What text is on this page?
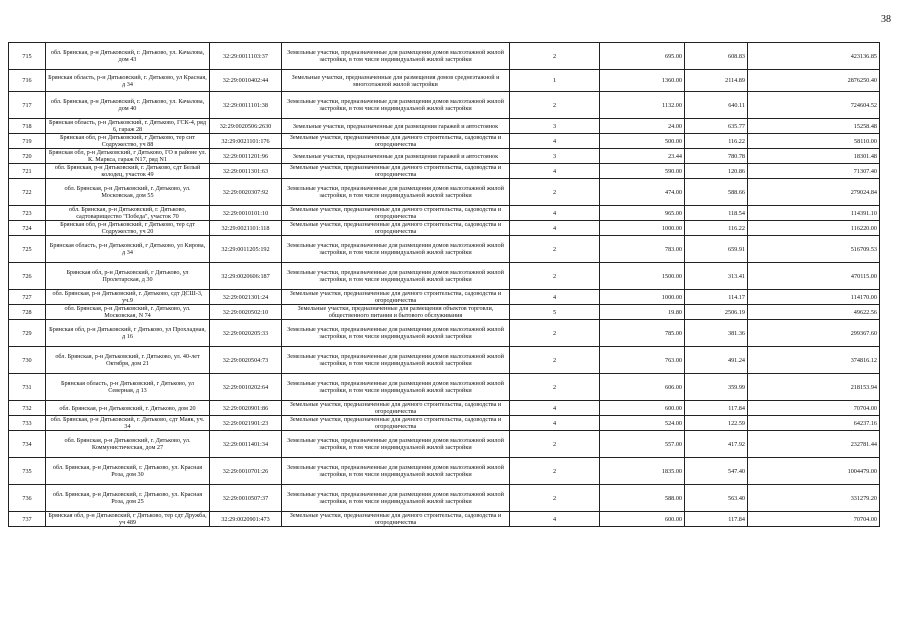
38
715	обл. Брянская, р-н Дятьковский, г. Дятьково, ул. Качалова, дом 43	32:29:0011103:37	Земельные участки, предназначенные для размещения домов малоэтажной жилой застройки, в том числе индивидуальной жилой застройки	2	695.00	608.83	423136.85
716	Брянская область, р-н Дятьковский, г. Дятьково, ул Красная, д 34	32:29:0010402:44	Земельные участки, предназначенные для размещения домов среднеэтажной и многоэтажной жилой застройки	1	1360.00	2114.89	2876250.40
717	обл. Брянская, р-н Дятьковский, г. Дятьково, ул. Качалова, дом 40	32:29:0011101:38	Земельные участки, предназначенные для размещения домов малоэтажной жилой застройки, в том числе индивидуальной жилой застройки	2	1132.00	640.11	724604.52
718	Брянская область, р-н Дятьковский, г. Дятьково, ГСК-4, ряд 6, гараж 28	32:29:0020506:2630	Земельные участки, предназначенные для размещения гаражей и автостоянок	3	24.00	635.77	15258.48
719	Брянская обл, р-н Дятьковский, г Дятьково, тер снт Содружество, уч 88	32:29:0021101:176	Земельные участки, предназначенные для дачного строительства, садоводства и огородничества	4	500.00	116.22	58110.00
720	Брянская обл, р-н Дятьковский, г Дятьково, ГО в районе ул. К. Маркса, гараж N17, ряд N1	32:29:0011201:96	Земельные участки, предназначенные для размещения гаражей и автостоянок	3	23.44	780.78	18301.48
721	обл. Брянская, р-н Дятьковский, г. Дятьково, сдт Белый колодец, участок 49	32:29:0011301:63	Земельные участки, предназначенные для дачного строительства, садоводства и огородничества	4	590.00	120.86	71307.40
722	обл. Брянская, р-н Дятьковский, г. Дятьково, ул. Московская, дом 55	32:29:0020307:92	Земельные участки, предназначенные для размещения домов малоэтажной жилой застройки, в том числе индивидуальной жилой застройки	2	474.00	588.66	279024.84
723	обл. Брянская, р-н Дятьковский, г. Дятьково, садтоварищество "Победа", участок 70	32:29:0010101:10	Земельные участки, предназначенные для дачного строительства, садоводства и огородничества	4	965.00	118.54	114391.10
724	Брянская обл, р-н Дятьковский, г Дятьково, тер сдт Содружество, уч 20	32:29:0021101:118	Земельные участки, предназначенные для дачного строительства, садоводства и огородничества	4	1000.00	116.22	116220.00
725	Брянская область, р-н Дятьковский, г Дятьково, ул Кирова, д 34	32:29:0011205:192	Земельные участки, предназначенные для размещения домов малоэтажной жилой застройки, в том числе индивидуальной жилой застройки	2	783.00	659.91	516709.53
726	Брянская обл, р-н Дятьковский, г Дятьково, ул Пролетарская, д 30	32:29:0020606:187	Земельные участки, предназначенные для размещения домов малоэтажной жилой застройки, в том числе индивидуальной жилой застройки	2	1500.00	313.41	470115.00
727	обл. Брянская, р-н Дятьковский, г. Дятьково, сдт ДСШ-3, уч.9	32:29:0021301:24	Земельные участки, предназначенные для дачного строительства, садоводства и огородничества	4	1000.00	114.17	114170.00
728	обл. Брянская, р-н Дятьковский, г. Дятьково, ул. Московская, N 74	32:29:0020502:10	Земельные участки, предназначенные для размещения объектов торговли, общественного питания и бытового обслуживания	5	19.80	2506.19	49622.56
729	Брянская обл, р-н Дятьковский, г Дятьково, ул Прохладная, д 16	32:29:0020205:33	Земельные участки, предназначенные для размещения домов малоэтажной жилой застройки, в том числе индивидуальной жилой застройки	2	785.00	381.36	299367.60
730	обл. Брянская, р-н Дятьковский, г. Дятьково, ул. 40-лет Октября, дом 21	32:29:0020504:73	Земельные участки, предназначенные для размещения домов малоэтажной жилой застройки, в том числе индивидуальной жилой застройки	2	763.00	491.24	374816.12
731	Брянская область, р-н Дятьковский, г Дятьково, ул Северная, д 13	32:29:0010202:64	Земельные участки, предназначенные для размещения домов малоэтажной жилой застройки, в том числе индивидуальной жилой застройки	2	606.00	359.99	218153.94
732	обл. Брянская, р-н Дятьковский, г. Дятьково, дом 20	32:29:0020901:86	Земельные участки, предназначенные для дачного строительства, садоводства и огородничества	4	600.00	117.84	70704.00
733	обл. Брянская, р-н Дятьковский, г. Дятьково, сдт Маяк, уч. 34	32:29:0021901:23	Земельные участки, предназначенные для дачного строительства, садоводства и огородничества	4	524.00	122.59	64237.16
734	обл. Брянская, р-н Дятьковский, г. Дятьково, ул. Коммунистическая, дом 27	32:29:0011401:34	Земельные участки, предназначенные для размещения домов малоэтажной жилой застройки, в том числе индивидуальной жилой застройки	2	557.00	417.92	232781.44
735	обл. Брянская, р-н Дятьковский, г. Дятьково, ул. Красная Роза, дом 30	32:29:0010701:26	Земельные участки, предназначенные для размещения домов малоэтажной жилой застройки, в том числе индивидуальной жилой застройки	2	1835.00	547.40	1004479.00
736	обл. Брянская, р-н Дятьковский, г. Дятьково, ул. Красная Роза, дом 25	32:29:0010507:37	Земельные участки, предназначенные для размещения домов малоэтажной жилой застройки, в том числе индивидуальной жилой застройки	2	588.00	563.40	331279.20
737	Брянская обл, р-н Дятьковский, г Дятьково, тер сдт Дружба, уч 489	32:29:0020901:473	Земельные участки, предназначенные для дачного строительства, садоводства и огородничества	4	600.00	117.84	70704.00
